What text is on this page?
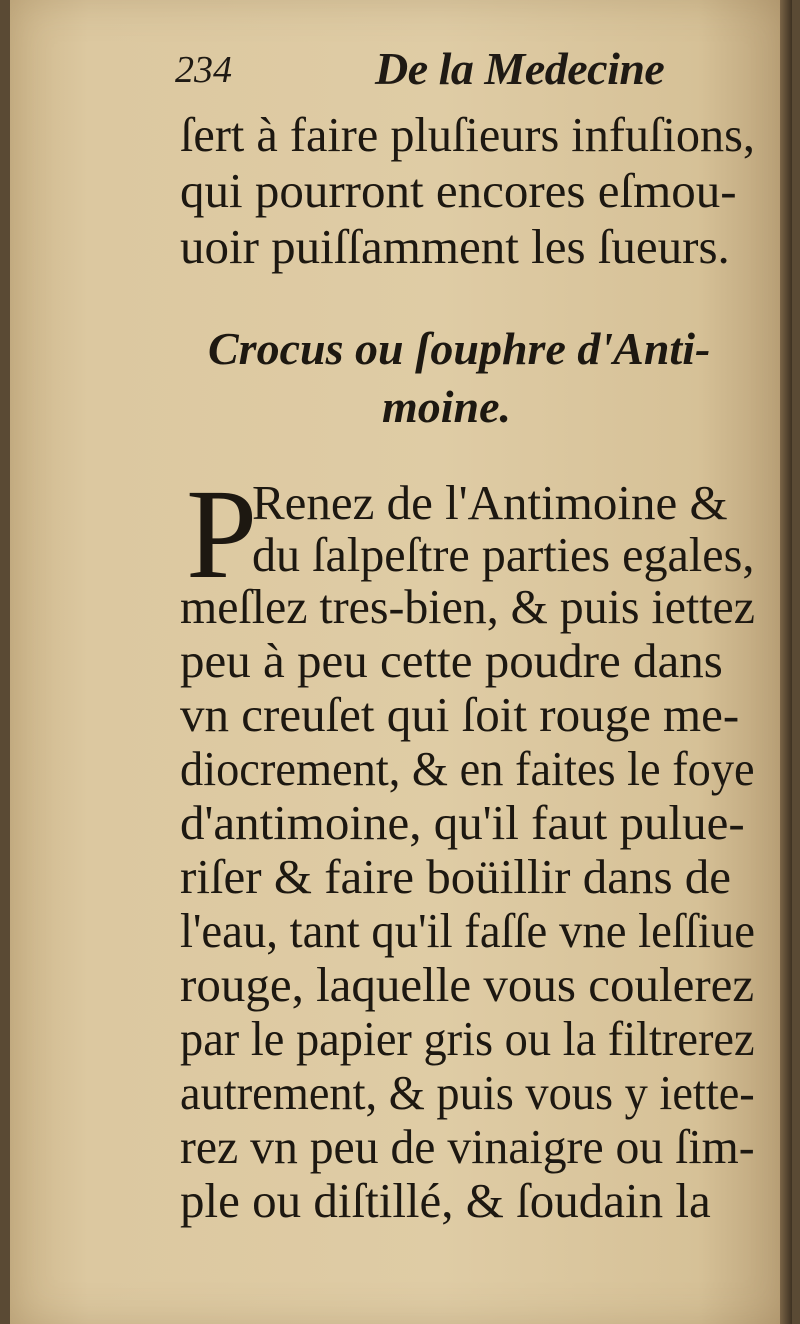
234	De la Medecine
ſert à faire pluſieurs infuſions,
qui pourront encores eſmou-
uoir puiſſamment les ſueurs.
Crocus ou ſouphre d'Anti-
moine.
P
Renez de l'Antimoine &
du ſalpeſtre parties egales,
meſlez tres-bien, & puis iettez
peu à peu cette poudre dans
vn creuſet qui ſoit rouge me-
diocrement, & en faites le foye
d'antimoine, qu'il faut pulue-
riſer & faire boüillir dans de
l'eau, tant qu'il faſſe vne leſſiue
rouge, laquelle vous coulerez
par le papier gris ou la filtrerez
autrement, & puis vous y iette-
rez vn peu de vinaigre ou ſim-
ple ou diſtillé, & ſoudain la
